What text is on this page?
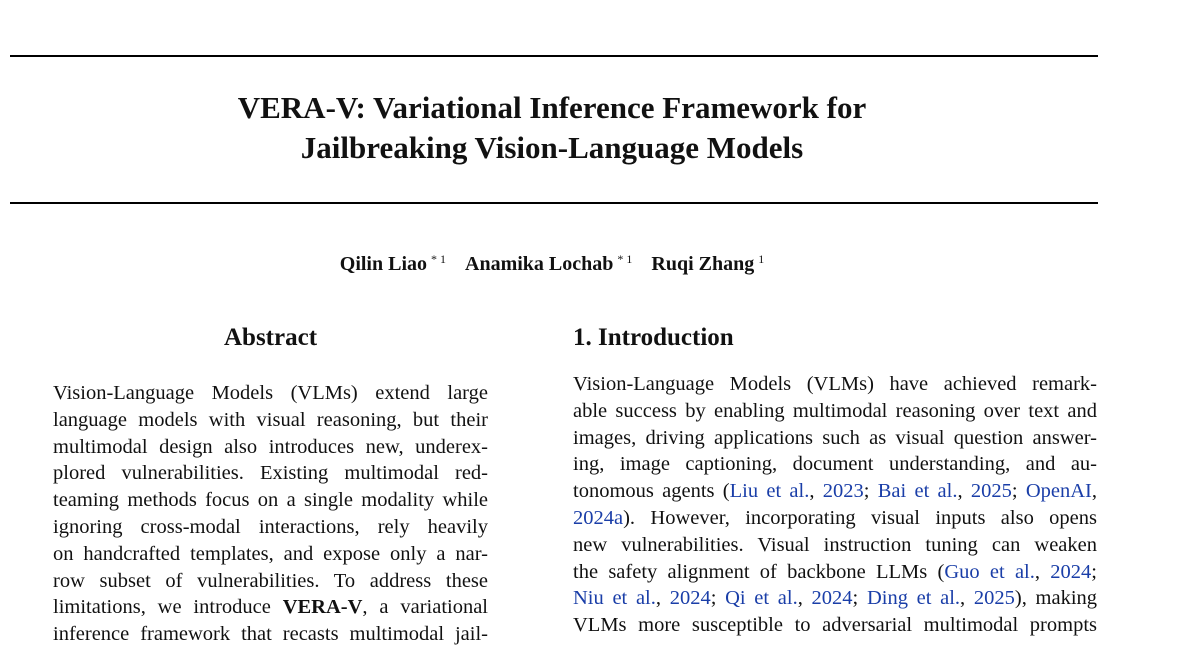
VERA-V: Variational Inference Framework for
Jailbreaking Vision-Language Models
Qilin Liao $^{* 1}$ Anamika Lochab $^{* 1}$ Ruqi Zhang $^1$
Abstract	1. Introduction
Vision-Language Models (VLMs) extend large
language models with visual reasoning, but their
multimodal design also introduces new, underex-
plored vulnerabilities. Existing multimodal red-
teaming methods focus on a single modality while
ignoring cross-modal interactions, rely heavily
on handcrafted templates, and expose only a nar-
row subset of vulnerabilities. To address these
limitations, we introduce VERA-V, a variational
inference framework that recasts multimodal jail-
Vision-Language Models (VLMs) have achieved remark-
able success by enabling multimodal reasoning over text and
images, driving applications such as visual question answer-
ing, image captioning, document understanding, and au-
tonomous agents (Liu et al., 2023; Bai et al., 2025; OpenAI,
2024a). However, incorporating visual inputs also opens
new vulnerabilities. Visual instruction tuning can weaken
the safety alignment of backbone LLMs (Guo et al., 2024;
Niu et al., 2024; Qi et al., 2024; Ding et al., 2025), making
VLMs more susceptible to adversarial multimodal prompts
